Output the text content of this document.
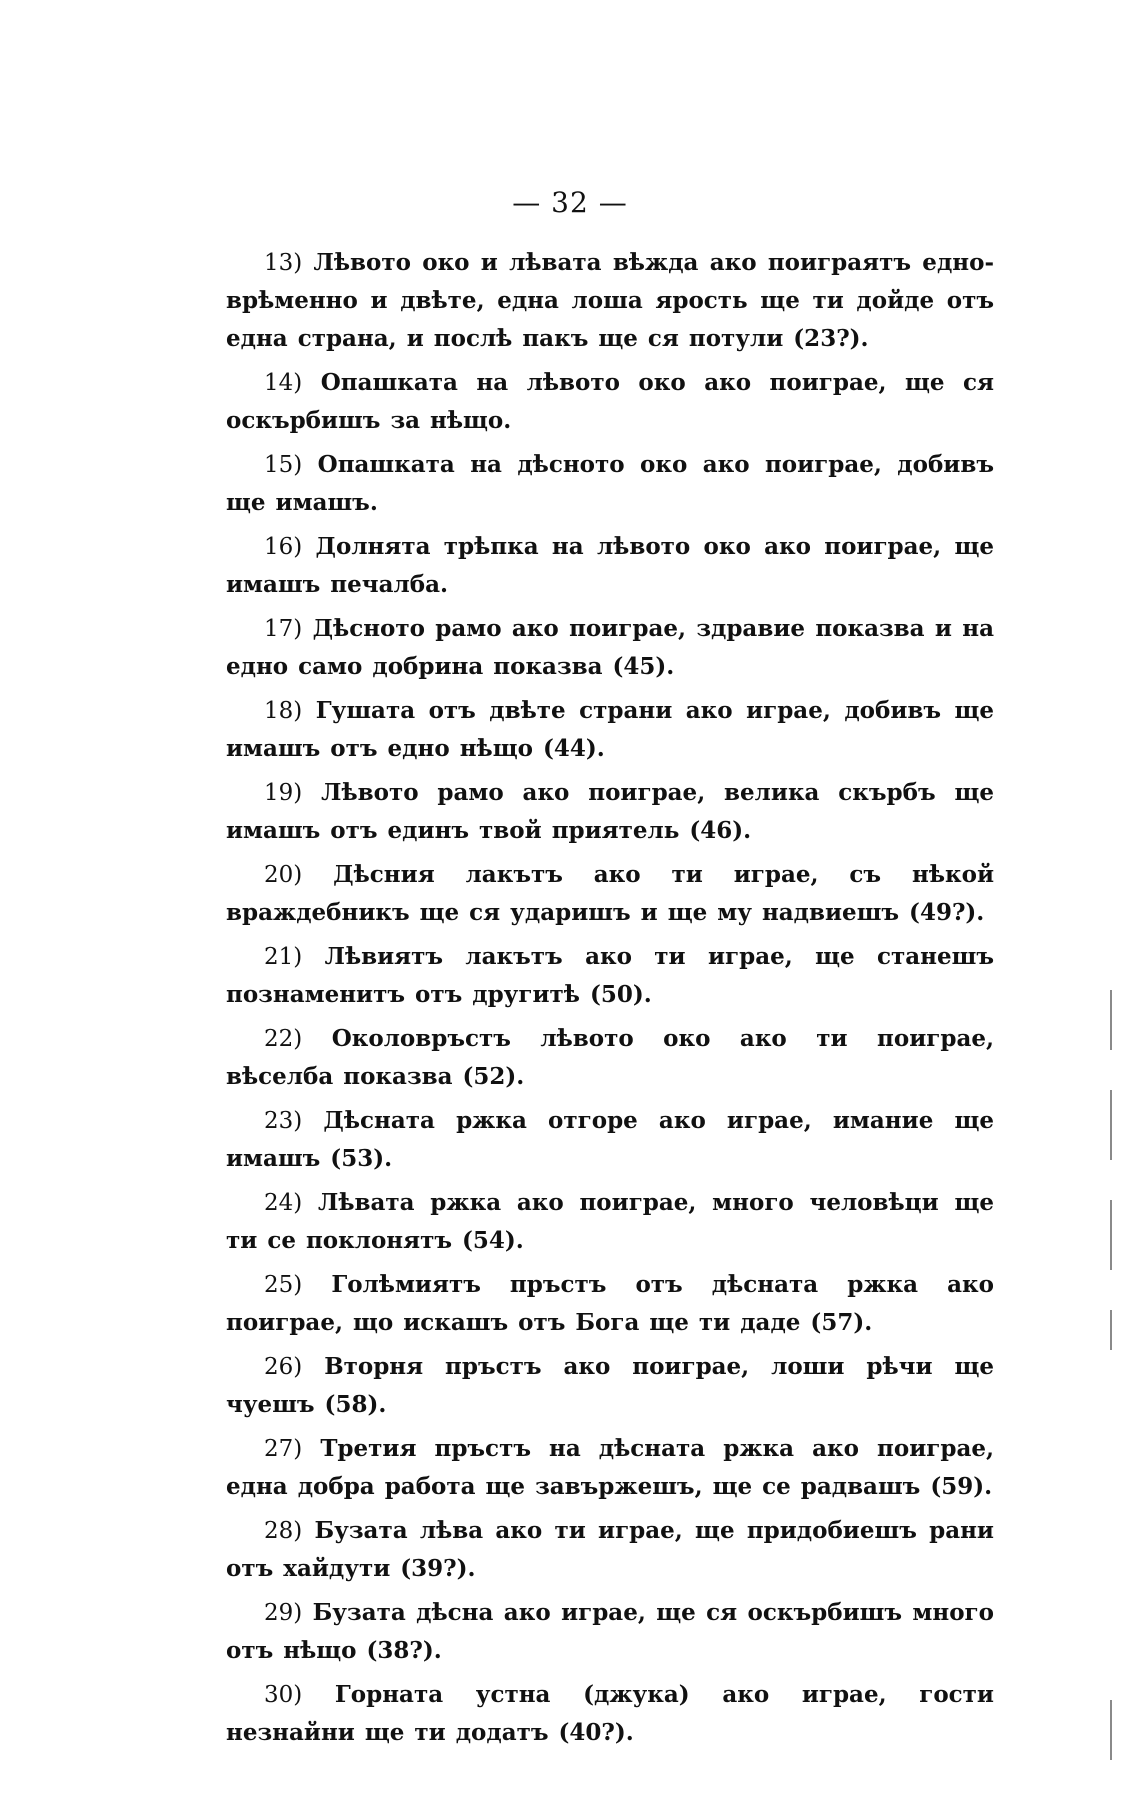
— 32 —

13) Лѣвото око и лѣвата вѣжда ако поиграятъ едно-врѣменно и двѣте, една лоша ярость ще ти дойде отъ една страна, и послѣ пакъ ще ся потули (23?).

14) Опашката на лѣвото око ако поиграе, ще ся оскърбишъ за нѣщо.

15) Опашката на дѣсното око ако поиграе, добивъ ще имашъ.

16) Долнята трѣпка на лѣвото око ако поиграе, ще имашъ печалба.

17) Дѣсното рамо ако поиграе, здравие показва и на едно само добрина показва (45).

18) Гушата отъ двѣте страни ако играе, добивъ ще имашъ отъ едно нѣщо (44).

19) Лѣвото рамо ако поиграе, велика скърбъ ще имашъ отъ единъ твой приятель (46).

20) Дѣсния лакътъ ако ти играе, съ нѣкой враждебникъ ще ся ударишъ и ще му надвиешъ (49?).

21) Лѣвиятъ лакътъ ако ти играе, ще станешъ познаменитъ отъ другитѣ (50).

22) Околовръстъ лѣвото око ако ти поиграе, вѣселба показва (52).

23) Дѣсната ржка отгоре ако играе, имание ще имашъ (53).

24) Лѣвата ржка ако поиграе, много человѣци ще ти се поклонятъ (54).

25) Голѣмиятъ пръстъ отъ дѣсната ржка ако поиграе, що искашъ отъ Бога ще ти даде (57).

26) Вторня пръстъ ако поиграе, лоши рѣчи ще чуешъ (58).

27) Третия пръстъ на дѣсната ржка ако поиграе, една добра работа ще завържешъ, ще се радвашъ (59).

28) Бузата лѣва ако ти играе, ще придобиешъ рани отъ хайдути (39?).

29) Бузата дѣсна ако играе, ще ся оскърбишъ много отъ нѣщо (38?).

30) Горната устна (джука) ако играе, гости незнайни ще ти додатъ (40?).
